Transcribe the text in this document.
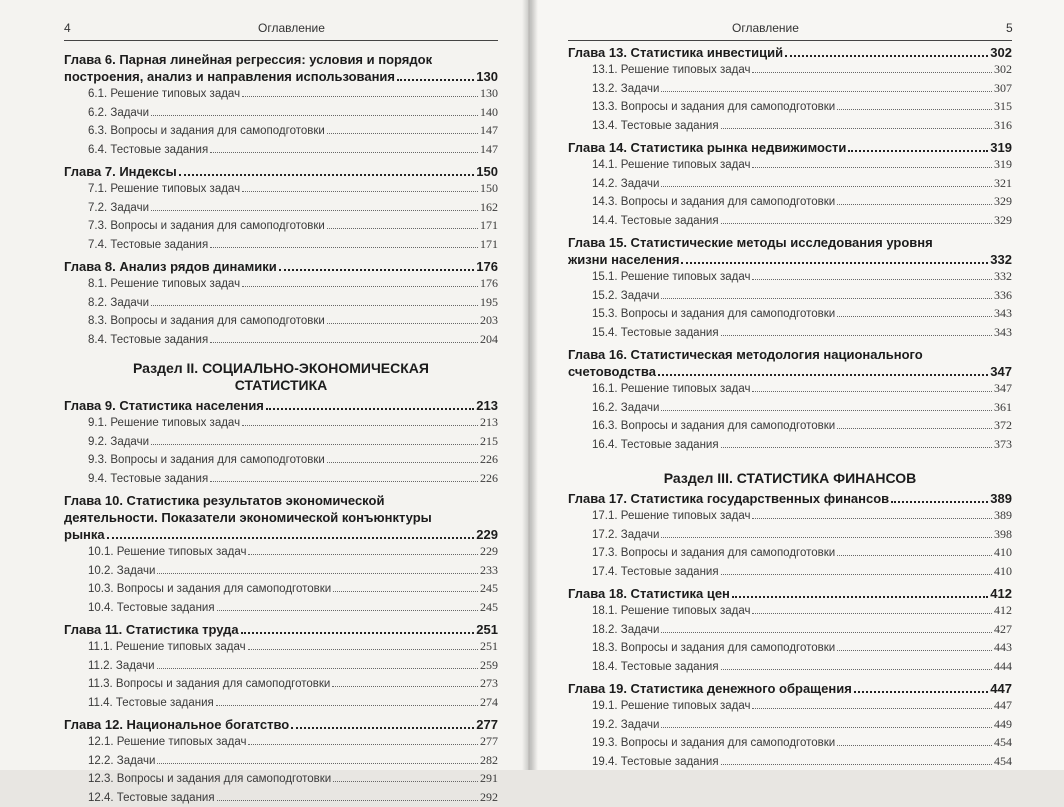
4	Оглавление
Глава 6. Парная линейная регрессия: условия и порядок
построения, анализ и направления использования	130
6.1. Решение типовых задач	130
6.2. Задачи	140
6.3. Вопросы и задания для самоподготовки	147
6.4. Тестовые задания	147
Глава 7. Индексы	150
7.1. Решение типовых задач	150
7.2. Задачи	162
7.3. Вопросы и задания для самоподготовки	171
7.4. Тестовые задания	171
Глава 8. Анализ рядов динамики	176
8.1. Решение типовых задач	176
8.2. Задачи	195
8.3. Вопросы и задания для самоподготовки	203
8.4. Тестовые задания	204
Раздел II. СОЦИАЛЬНО-ЭКОНОМИЧЕСКАЯ
СТАТИСТИКА
Глава 9. Статистика населения	213
9.1. Решение типовых задач	213
9.2. Задачи	215
9.3. Вопросы и задания для самоподготовки	226
9.4. Тестовые задания	226
Глава 10. Статистика результатов экономической
деятельности. Показатели экономической конъюнктуры
рынка	229
10.1. Решение типовых задач	229
10.2. Задачи	233
10.3. Вопросы и задания для самоподготовки	245
10.4. Тестовые задания	245
Глава 11. Статистика труда	251
11.1. Решение типовых задач	251
11.2. Задачи	259
11.3. Вопросы и задания для самоподготовки	273
11.4. Тестовые задания	274
Глава 12. Национальное богатство	277
12.1. Решение типовых задач	277
12.2. Задачи	282
12.3. Вопросы и задания для самоподготовки	291
12.4. Тестовые задания	292
Оглавление	5
Глава 13. Статистика инвестиций	302
13.1. Решение типовых задач	302
13.2. Задачи	307
13.3. Вопросы и задания для самоподготовки	315
13.4. Тестовые задания	316
Глава 14. Статистика рынка недвижимости	319
14.1. Решение типовых задач	319
14.2. Задачи	321
14.3. Вопросы и задания для самоподготовки	329
14.4. Тестовые задания	329
Глава 15. Статистические методы исследования уровня
жизни населения	332
15.1. Решение типовых задач	332
15.2. Задачи	336
15.3. Вопросы и задания для самоподготовки	343
15.4. Тестовые задания	343
Глава 16. Статистическая методология национального
счетоводства	347
16.1. Решение типовых задач	347
16.2. Задачи	361
16.3. Вопросы и задания для самоподготовки	372
16.4. Тестовые задания	373
Раздел III. СТАТИСТИКА ФИНАНСОВ
Глава 17. Статистика государственных финансов	389
17.1. Решение типовых задач	389
17.2. Задачи	398
17.3. Вопросы и задания для самоподготовки	410
17.4. Тестовые задания	410
Глава 18. Статистика цен	412
18.1. Решение типовых задач	412
18.2. Задачи	427
18.3. Вопросы и задания для самоподготовки	443
18.4. Тестовые задания	444
Глава 19. Статистика денежного обращения	447
19.1. Решение типовых задач	447
19.2. Задачи	449
19.3. Вопросы и задания для самоподготовки	454
19.4. Тестовые задания	454
